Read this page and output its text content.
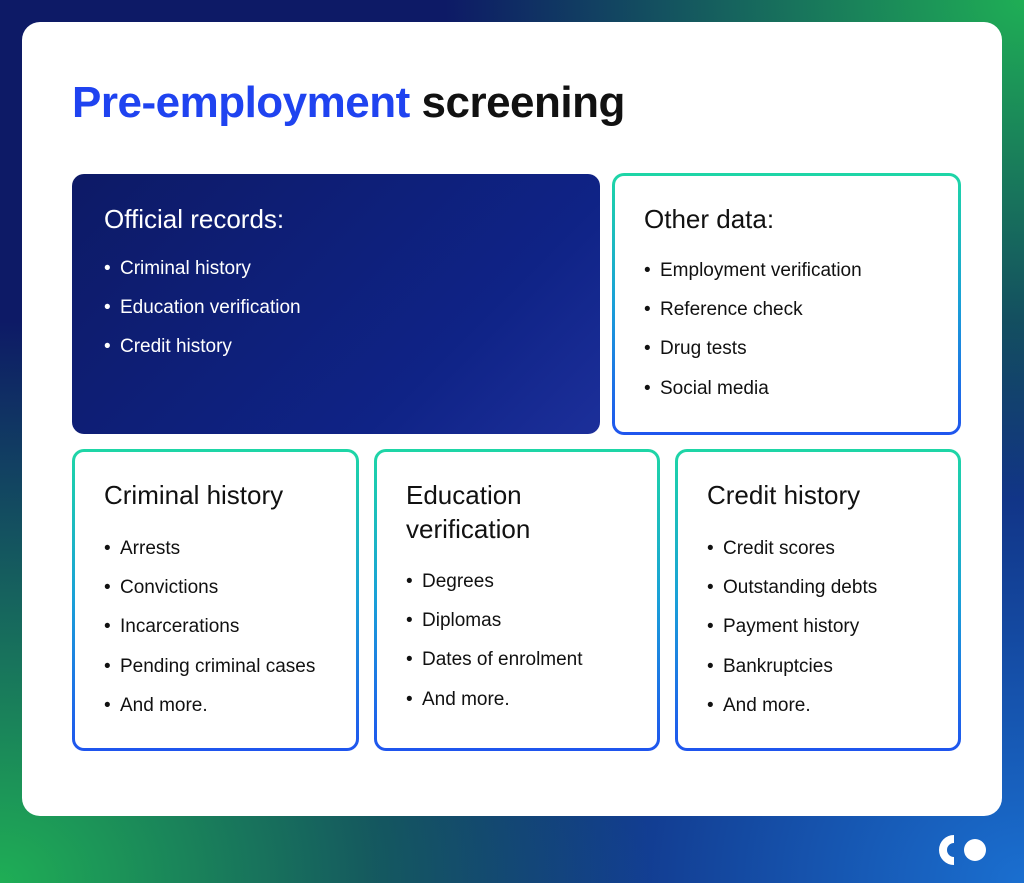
Pre-employment screening
Official records:
• Criminal history
• Education verification
• Credit history
Other data:
• Employment verification
• Reference check
• Drug tests
• Social media
Criminal history
• Arrests
• Convictions
• Incarcerations
• Pending criminal cases
• And more.
Education
verification
• Degrees
• Diplomas
• Dates of enrolment
• And more.
Credit history
• Credit scores
• Outstanding debts
• Payment history
• Bankruptcies
• And more.
